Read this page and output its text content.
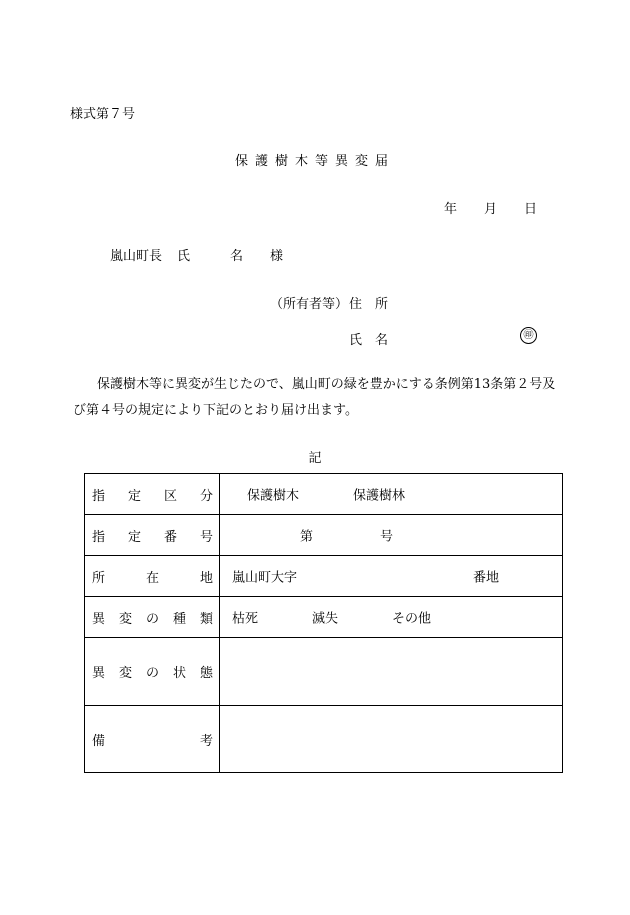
様式第７号
保護樹木等異変届
年 月 日
嵐山町長 氏	名 様
（所有者等） 住 所
氏 名	㊞
保護樹木等に異変が生じたので、嵐山町の緑を豊かにする条例第13条第２号及び第４号の規定により下記のとおり届け出ます。
記
指 定 区 分	保護樹木 保護樹林

指 定 番 号	第 号

所 在 地	嵐山町大字 番地

異 変 の 種 類	枯死 滅失 その他

異 変 の 状 態	

備 考	
